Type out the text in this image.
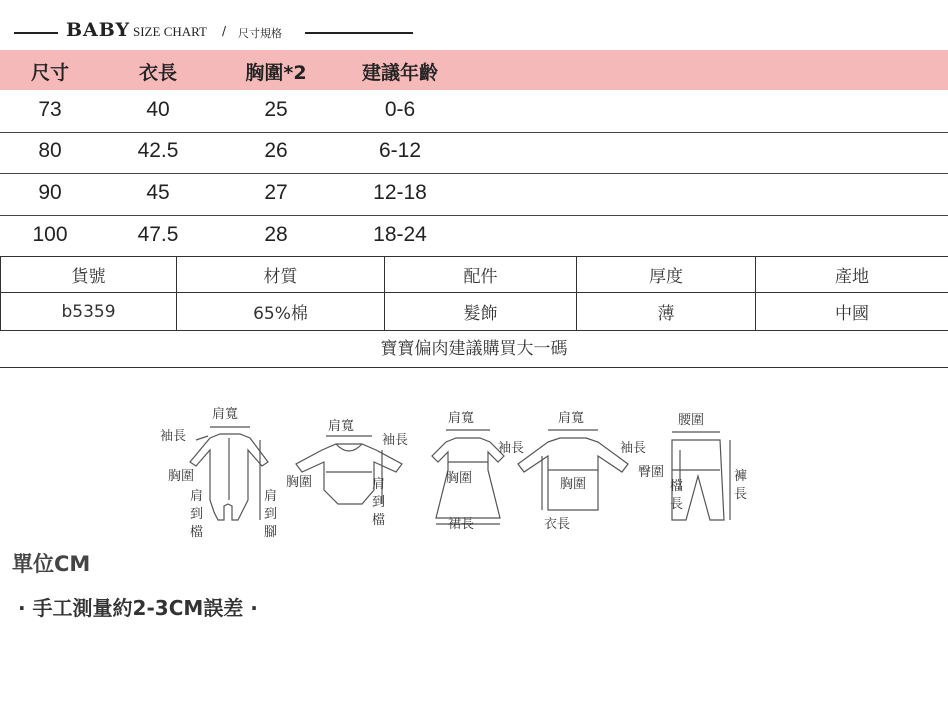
BABY SIZE CHART / 尺寸規格
尺寸	衣長	胸圍*2	建議年齡
73	40	25	0-6
80	42.5	26	6-12
90	45	27	12-18
100	47.5	28	18-24
貨號	材質	配件	厚度	產地
b5359	65%棉	髮飾	薄	中國
寶寶偏肉建議購買大一碼
肩寬
袖長
胸圍
肩
到
檔
肩
到
腳
肩寬
袖長
胸圍	肩
到
檔
肩寬
袖長
胸圍
裙長
肩寬
袖長
胸圍
衣長
腰圍
臀圍
檔
長
褲
長
單位CM
· 手工測量約2-3CM誤差 ·
